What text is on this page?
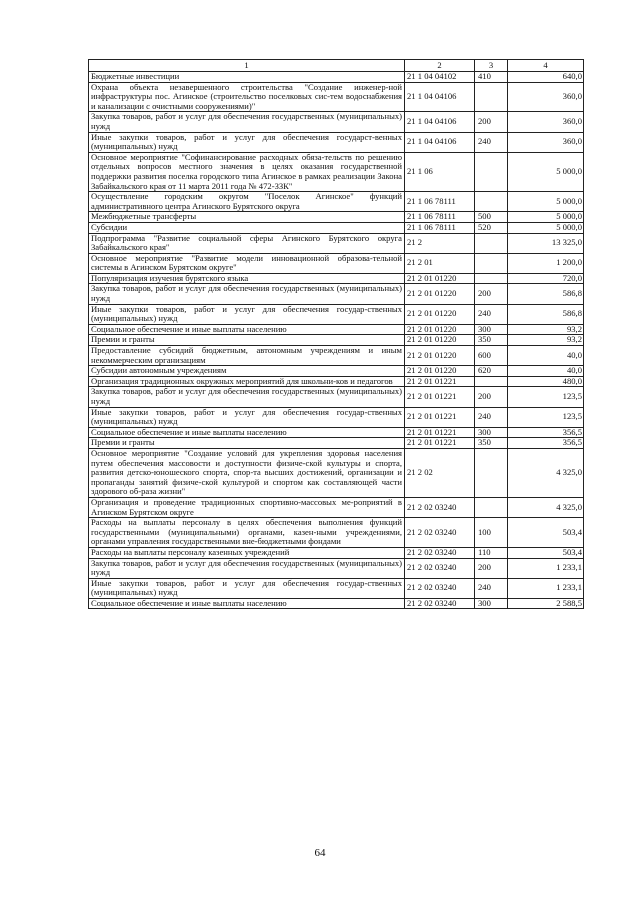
1	2	3	4
Бюджетные инвестиции	21 1 04 04102	410	640,0
Охрана объекта незавершенного строительства "Создание инженер-ной инфраструктуры пос. Агинское (строительство поселковых сис-тем водоснабжения и канализации с очистными сооружениями)"	21 1 04 04106		360,0
Закупка товаров, работ и услуг для обеспечения государственных (муниципальных) нужд	21 1 04 04106	200	360,0
Иные закупки товаров, работ и услуг для обеспечения государст-венных (муниципальных) нужд	21 1 04 04106	240	360,0
Основное мероприятие "Софинансирование расходных обяза-тельств по решению отдельных вопросов местного значения в целях оказания государственной поддержки развития поселка городского типа Агинское в рамках реализации Закона Забайкальского края от 11 марта 2011 года № 472-ЗЗК"	21 1 06		5 000,0
Осуществление городским округом "Поселок Агинское" функций административного центра Агинского Бурятского округа	21 1 06 78111		5 000,0
Межбюджетные трансферты	21 1 06 78111	500	5 000,0
Субсидии	21 1 06 78111	520	5 000,0
Подпрограмма "Развитие социальной сферы Агинского Бурятского округа Забайкальского края"	21 2		13 325,0
Основное мероприятие "Развитие модели инновационной образова-тельной системы в Агинском Бурятском округе"	21 2 01		1 200,0
Популяризация изучения бурятского языка	21 2 01 01220		720,0
Закупка товаров, работ и услуг для обеспечения государственных (муниципальных) нужд	21 2 01 01220	200	586,8
Иные закупки товаров, работ и услуг для обеспечения государ-ственных (муниципальных) нужд	21 2 01 01220	240	586,8
Социальное обеспечение и иные выплаты населению	21 2 01 01220	300	93,2
Премии и гранты	21 2 01 01220	350	93,2
Предоставление субсидий бюджетным, автономным учреждениям и иным некоммерческим организациям	21 2 01 01220	600	40,0
Субсидии автономным учреждениям	21 2 01 01220	620	40,0
Организация традиционных окружных мероприятий для школьни-ков и педагогов	21 2 01 01221		480,0
Закупка товаров, работ и услуг для обеспечения государственных (муниципальных) нужд	21 2 01 01221	200	123,5
Иные закупки товаров, работ и услуг для обеспечения государ-ственных (муниципальных) нужд	21 2 01 01221	240	123,5
Социальное обеспечение и иные выплаты населению	21 2 01 01221	300	356,5
Премии и гранты	21 2 01 01221	350	356,5
Основное мероприятие "Создание условий для укрепления здоровья населения путем обеспечения массовости и доступности физиче-ской культуры и спорта, развития детско-юношеского спорта, спор-та высших достижений, организации и пропаганды занятий физиче-ской культурой и спортом как составляющей части здорового об-раза жизни"	21 2 02		4 325,0
Организация и проведение традиционных спортивно-массовых ме-роприятий в Агинском Бурятском округе	21 2 02 03240		4 325,0
Расходы на выплаты персоналу в целях обеспечения выполнения функций государственными (муниципальными) органами, казен-ными учреждениями, органами управления государственными вне-бюджетными фондами	21 2 02 03240	100	503,4
Расходы на выплаты персоналу казенных учреждений	21 2 02 03240	110	503,4
Закупка товаров, работ и услуг для обеспечения государственных (муниципальных) нужд	21 2 02 03240	200	1 233,1
Иные закупки товаров, работ и услуг для обеспечения государ-ственных (муниципальных) нужд	21 2 02 03240	240	1 233,1
Социальное обеспечение и иные выплаты населению	21 2 02 03240	300	2 588,5
64
